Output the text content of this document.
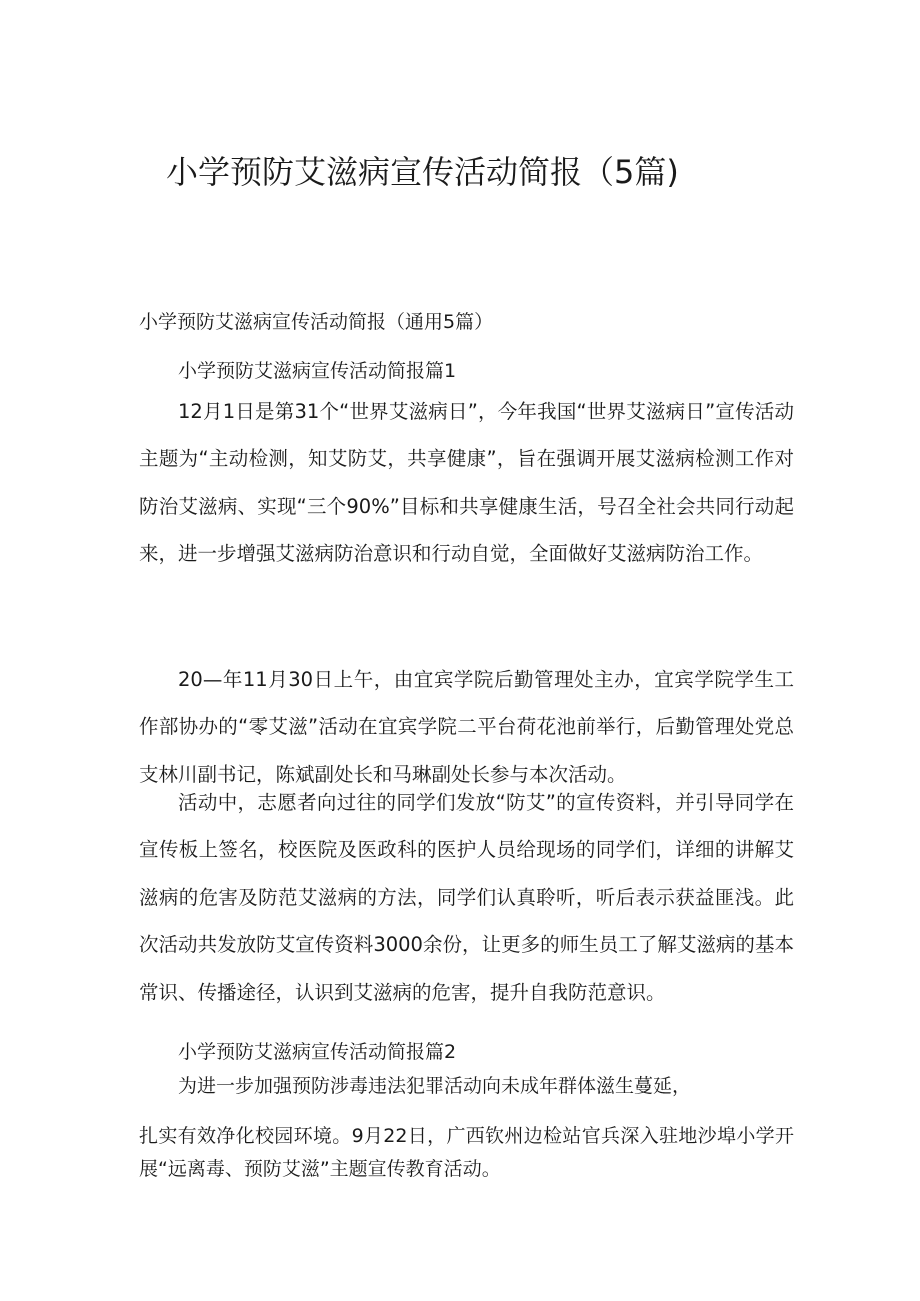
小学预防艾滋病宣传活动简报（5篇)
小学预防艾滋病宣传活动简报（通用5篇）
小学预防艾滋病宣传活动简报篇1

12月1日是第31个“世界艾滋病日”，今年我国“世界艾滋病日”宣传活动主题为“主动检测，知艾防艾，共享健康”，旨在强调开展艾滋病检测工作对防治艾滋病、实现“三个90%”目标和共享健康生活，号召全社会共同行动起来，进一步增强艾滋病防治意识和行动自觉，全面做好艾滋病防治工作。

20—年11月30日上午，由宜宾学院后勤管理处主办，宜宾学院学生工作部协办的“零艾滋”活动在宜宾学院二平台荷花池前举行，后勤管理处党总支林川副书记，陈斌副处长和马琳副处长参与本次活动。

活动中，志愿者向过往的同学们发放“防艾”的宣传资料，并引导同学在宣传板上签名，校医院及医政科的医护人员给现场的同学们，详细的讲解艾滋病的危害及防范艾滋病的方法，同学们认真聆听，听后表示获益匪浅。此次活动共发放防艾宣传资料3000余份，让更多的师生员工了解艾滋病的基本常识、传播途径，认识到艾滋病的危害，提升自我防范意识。

小学预防艾滋病宣传活动简报篇2
为进一步加强预防涉毒违法犯罪活动向未成年群体滋生蔓延，
扎实有效净化校园环境。9月22日，广西钦州边检站官兵深入驻地沙埠小学开展“远离毒、预防艾滋”主题宣传教育活动。
